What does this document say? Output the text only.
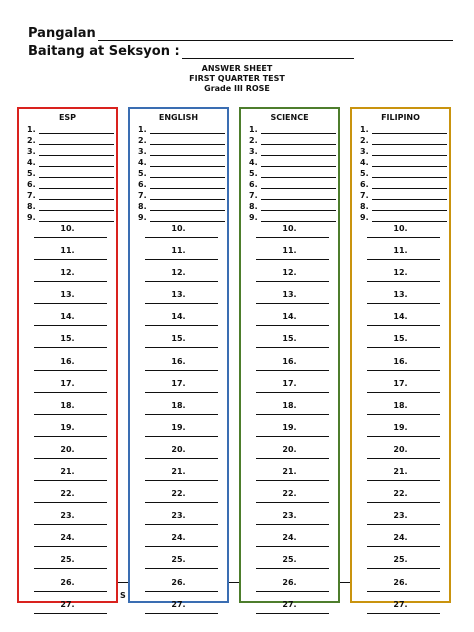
Pangalan
Baitang at Seksyon :
ANSWER SHEET
FIRST QUARTER TEST
Grade III ROSE
S
ESP
1.
2.
3.
4.
5.
6.
7.
8.
9.
10.
11.
12.
13.
14.
15.
16.
17.
18.
19.
20.
21.
22.
23.
24.
25.
26.
27.
ENGLISH
1.
2.
3.
4.
5.
6.
7.
8.
9.
10.
11.
12.
13.
14.
15.
16.
17.
18.
19.
20.
21.
22.
23.
24.
25.
26.
27.
SCIENCE
1.
2.
3.
4.
5.
6.
7.
8.
9.
10.
11.
12.
13.
14.
15.
16.
17.
18.
19.
20.
21.
22.
23.
24.
25.
26.
27.
FILIPINO
1.
2.
3.
4.
5.
6.
7.
8.
9.
10.
11.
12.
13.
14.
15.
16.
17.
18.
19.
20.
21.
22.
23.
24.
25.
26.
27.
